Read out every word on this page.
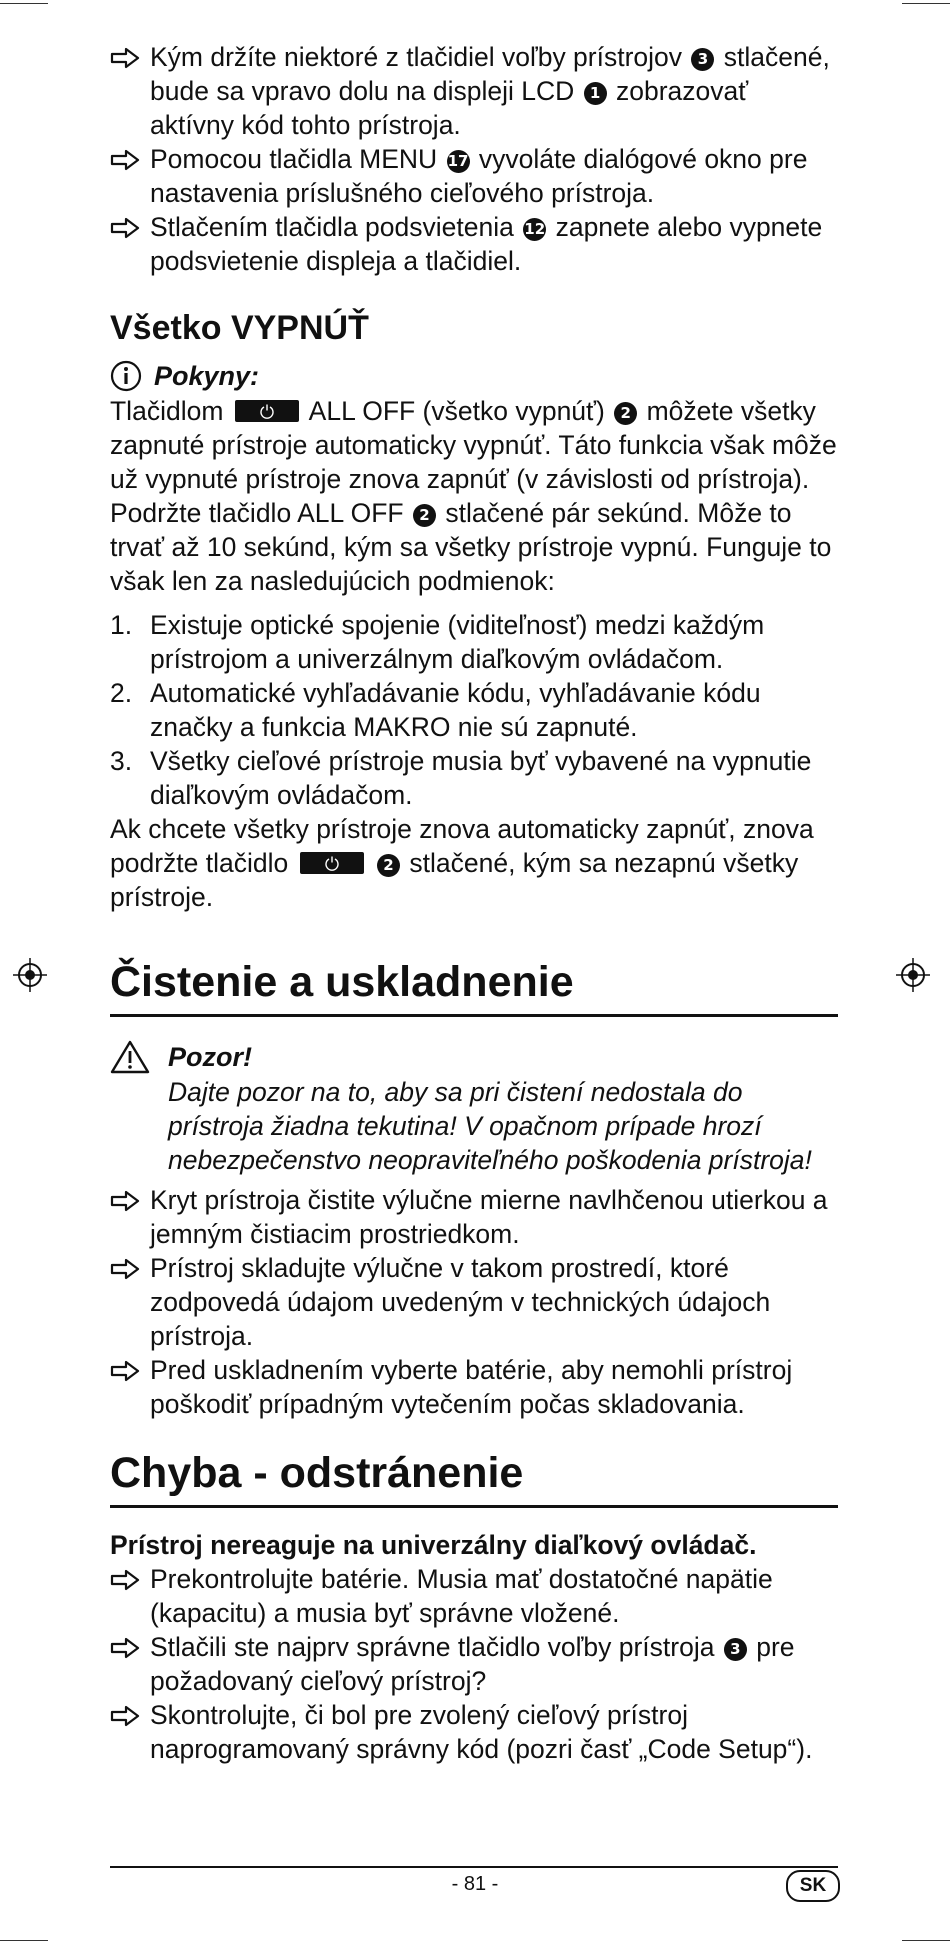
Kým držíte niektoré z tlačidiel voľby prístrojov 3 stlačené, bude sa vpravo dolu na displeji LCD 1 zobrazovať aktívny kód tohto prístroja.
Pomocou tlačidla MENU 17 vyvoláte dialógové okno pre nastavenia príslušného cieľového prístroja.
Stlačením tlačidla podsvietenia 12 zapnete alebo vypnete podsvietenie displeja a tlačidiel.
Všetko VYPNÚŤ
Pokyny:

Tlačidlom	ALL OFF (všetko vypnúť) 2 môžete všetky zapnuté prístroje automaticky vypnúť. Táto funkcia však môže už vypnuté prístroje znova zapnúť (v závislosti od prístroja). Podržte tlačidlo ALL OFF 2 stlačené pár sekúnd. Môže to trvať až 10 sekúnd, kým sa všetky prístroje vypnú. Funguje to však len za nasledujúcich podmienok:

1. Existuje optické spojenie (viditeľnosť) medzi každým prístrojom a univerzálnym diaľkovým ovládačom.
2. Automatické vyhľadávanie kódu, vyhľadávanie kódu značky a funkcia MAKRO nie sú zapnuté.
3. Všetky cieľové prístroje musia byť vybavené na vypnutie diaľkovým ovládačom.

Ak chcete všetky prístroje znova automaticky zapnúť, znova podržte tlačidlo	2 stlačené, kým sa nezapnú všetky prístroje.

Čistenie a uskladnenie
Pozor!
Dajte pozor na to, aby sa pri čistení nedostala do prístroja žiadna tekutina! V opačnom prípade hrozí nebezpečenstvo neopraviteľného poškodenia prístroja!
Kryt prístroja čistite výlučne mierne navlhčenou utierkou a jemným čistiacim prostriedkom.
Prístroj skladujte výlučne v takom prostredí, ktoré zodpovedá údajom uvedeným v technických údajoch prístroja.
Pred uskladnením vyberte batérie, aby nemohli prístroj poškodiť prípadným vytečením počas skladovania.
Chyba - odstránenie
Prístroj nereaguje na univerzálny diaľkový ovládač.
Prekontrolujte batérie. Musia mať dostatočné napätie (kapacitu) a musia byť správne vložené.
Stlačili ste najprv správne tlačidlo voľby prístroja 3 pre požadovaný cieľový prístroj?
Skontrolujte, či bol pre zvolený cieľový prístroj naprogramovaný správny kód (pozri časť „Code Setup“).
- 81 -	SK
